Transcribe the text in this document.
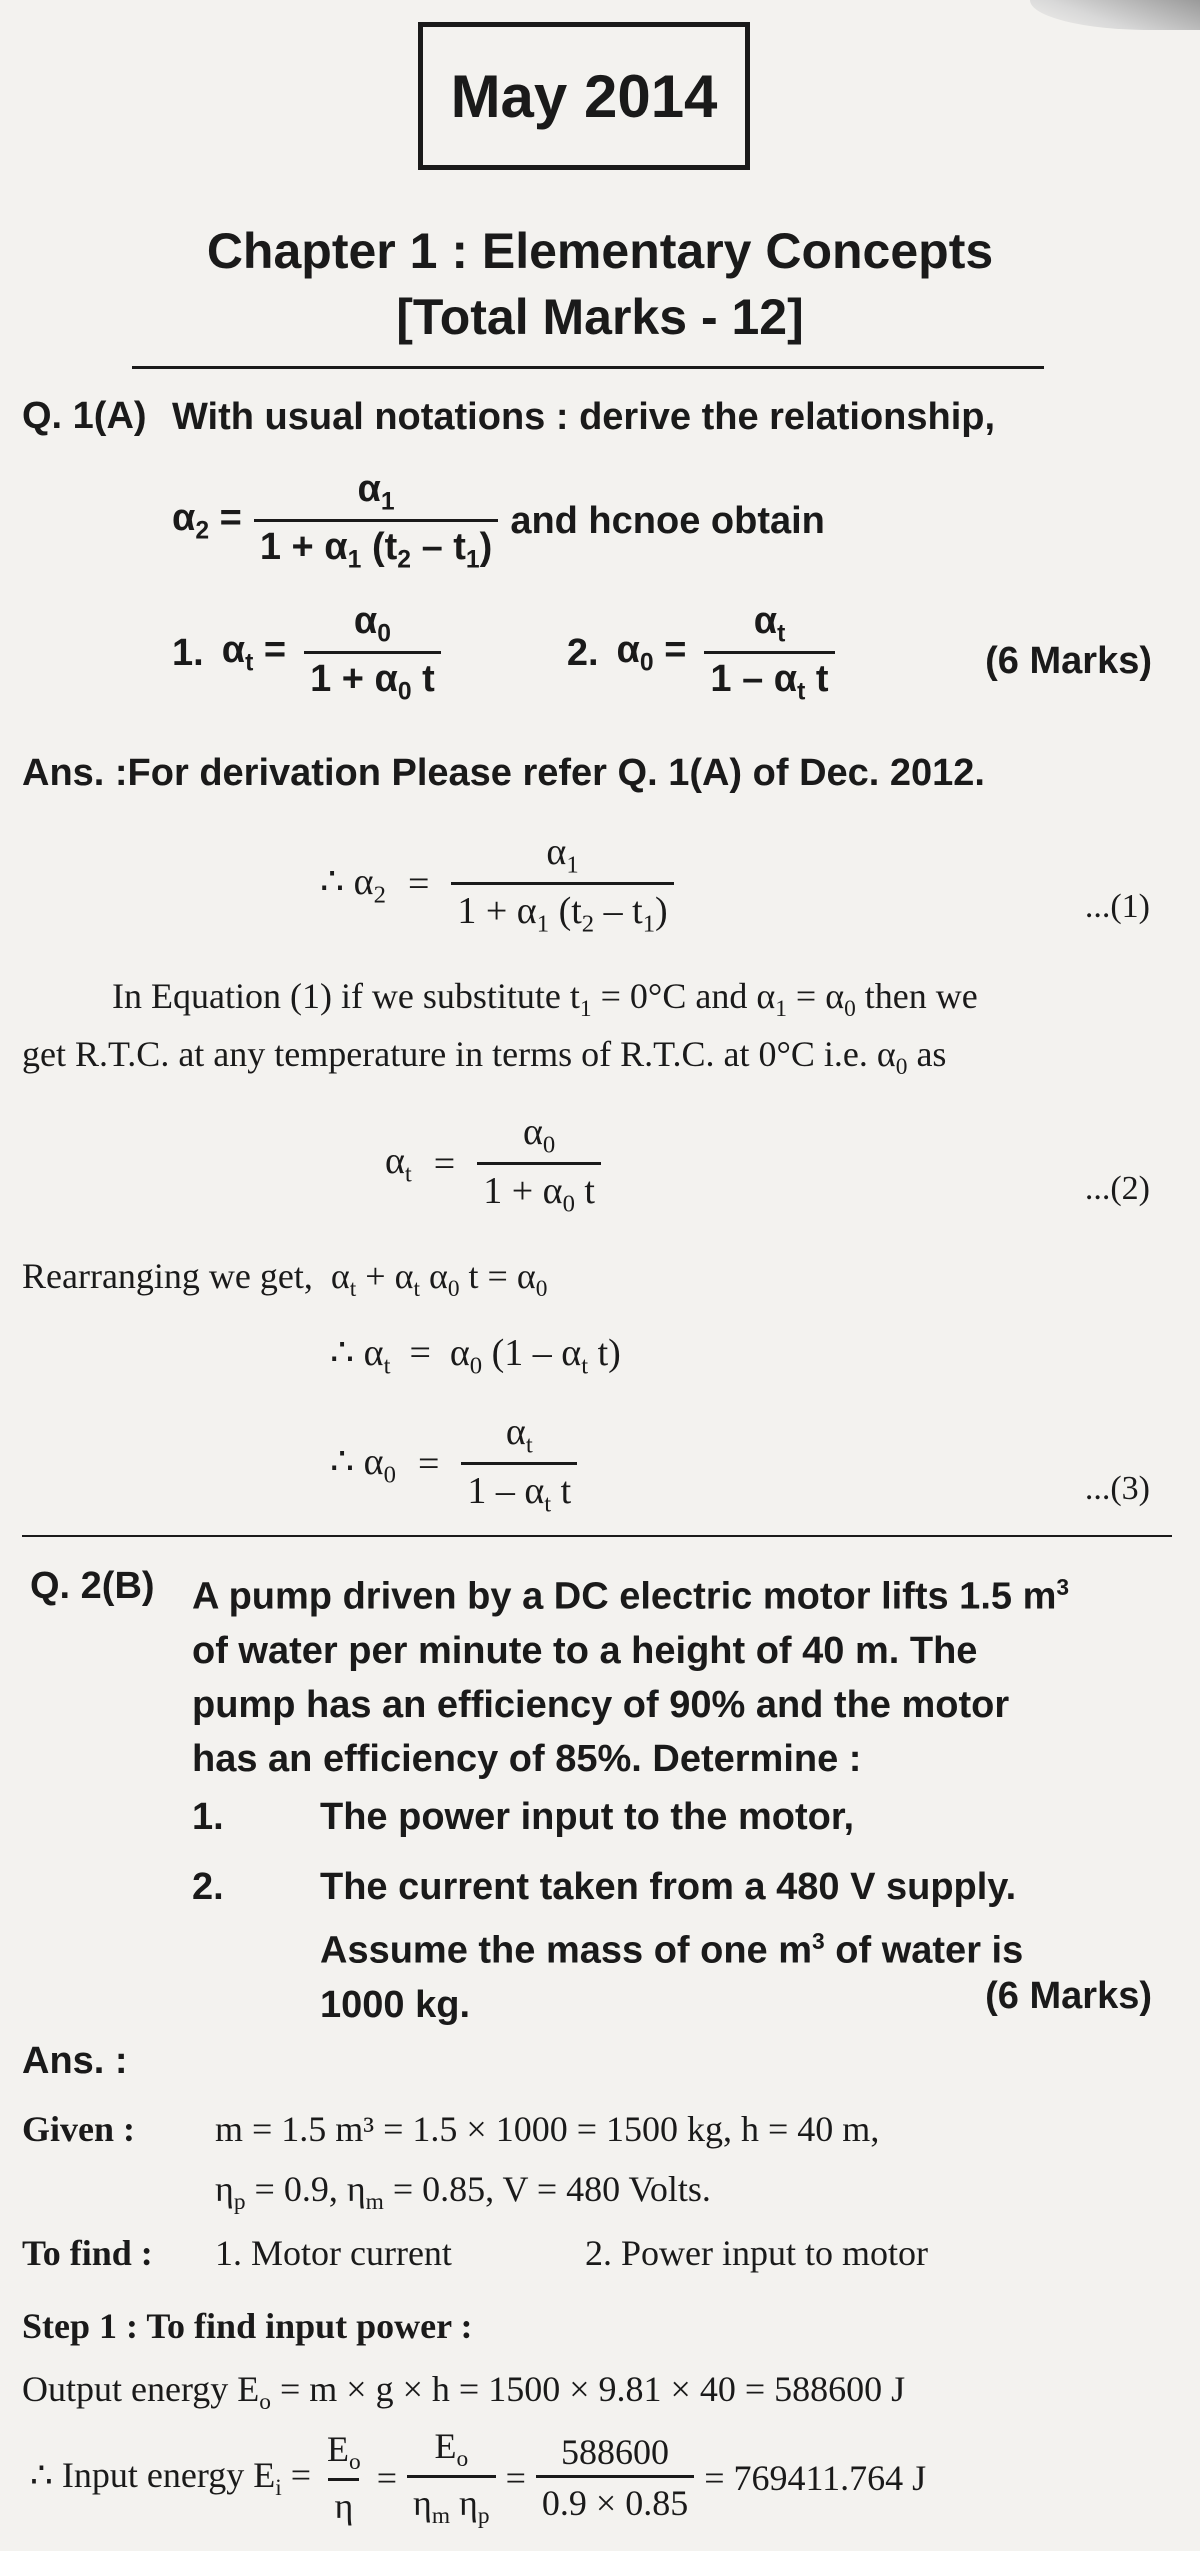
May 2014
Chapter 1 : Elementary Concepts
[Total Marks - 12]
Q. 1(A) With usual notations : derive the relationship,
$\alpha_2 = \frac{\alpha_1}{1 + \alpha_1 (t_2 - t_1)}$ and hcnoe obtain
1. $\alpha_t = \frac{\alpha_0}{1 + \alpha_0 t}$	2. $\alpha_0 = \frac{\alpha_t}{1 - \alpha_t t}$	(6 Marks)
Ans. :For derivation Please refer Q. 1(A) of Dec. 2012.
∴ $\alpha_2 = \frac{\alpha_1}{1 + \alpha_1 (t_2 - t_1)}$	...(1)
In Equation (1) if we substitute $t_1 = 0^\circ C$ and $\alpha_1 = \alpha_0$ then we
get R.T.C. at any temperature in terms of R.T.C. at 0°C i.e. $\alpha_0$ as
$\alpha_t = \frac{\alpha_0}{1 + \alpha_0 t}$	...(2)
Rearranging we get,  $\alpha_t + \alpha_t$ $\alpha_0$ $t = \alpha_0$
∴ $\alpha_t = \alpha_0$ ($1 - \alpha_t$ t)
∴ $\alpha_0 = \frac{\alpha_t}{1 - \alpha_t t}$	...(3)
Q. 2(B) A pump driven by a DC electric motor lifts 1.5 $m^3$
of water per minute to a height of 40 m. The
pump has an efficiency of 90% and the motor
has an efficiency of 85%. Determine :
1.	The power input to the motor,
2.	The current taken from a 480 V supply.
Assume the mass of one $m^3$ of water is
1000 kg.	(6 Marks)
Ans. :
Given : m = 1.5 m³ = 1.5 × 1000 = 1500 kg, h = 40 m,
$\eta_p = 0.9$, $\eta_m = 0.85$, V = 480 Volts.
To find : 1. Motor current	2. Power input to motor
Step 1 : To find input power :
Output energy $E_o = m \times g \times h = 1500 \times 9.81 \times 40 = 588600$ J
∴ Input energy $E_i = \frac{E_o}{\eta} = \frac{E_o}{\eta_m \eta_p} = \frac{588600}{0.9 \times 0.85} = 769411.764$ J
